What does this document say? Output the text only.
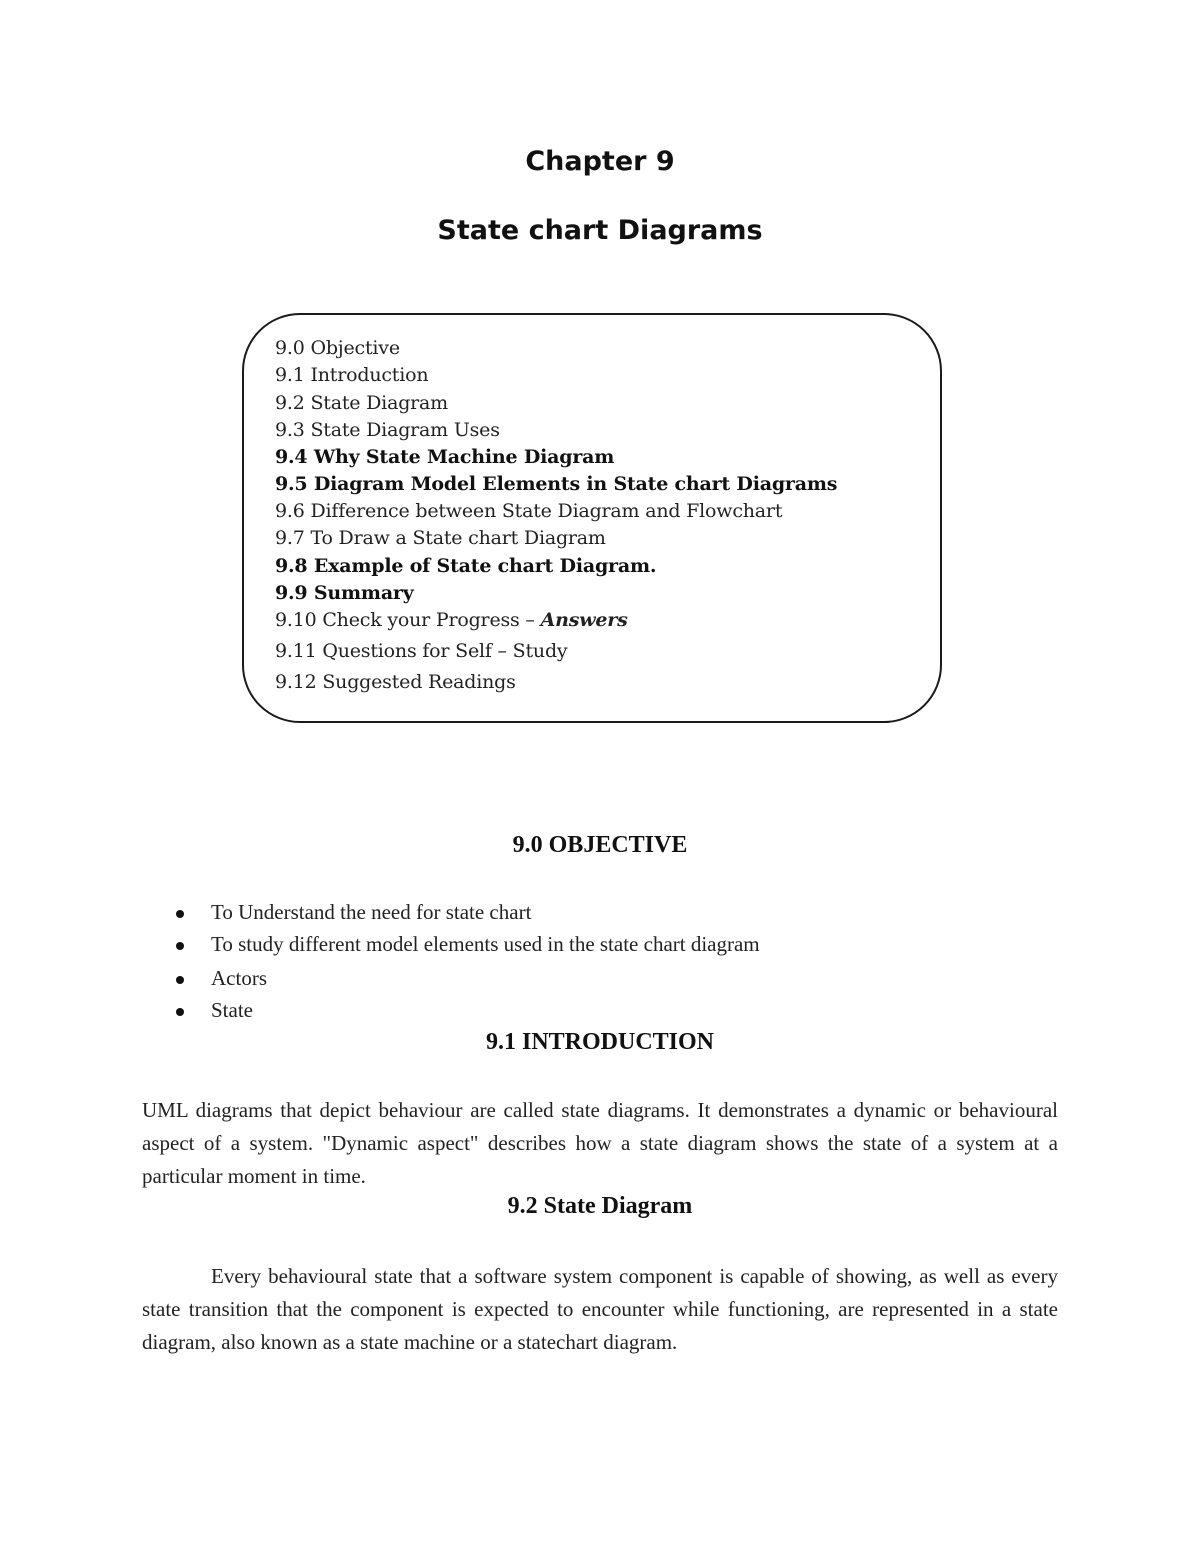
Chapter 9
State chart Diagrams
9.0 Objective
9.1 Introduction
9.2 State Diagram
9.3 State Diagram Uses
9.4 Why State Machine Diagram
9.5 Diagram Model Elements in State chart Diagrams
9.6 Difference between State Diagram and Flowchart
9.7 To Draw a State chart Diagram
9.8 Example of State chart Diagram.
9.9 Summary
9.10 Check your Progress – Answers
9.11 Questions for Self – Study
9.12 Suggested Readings
9.0 OBJECTIVE
To Understand the need for state chart
To study different model elements used in the state chart diagram
Actors
State
9.1 INTRODUCTION

UML diagrams that depict behaviour are called state diagrams. It demonstrates a dynamic or behavioural aspect of a system. "Dynamic aspect" describes how a state diagram shows the state of a system at a particular moment in time.

9.2 State Diagram

Every behavioural state that a software system component is capable of showing, as well as every state transition that the component is expected to encounter while functioning, are represented in a state diagram, also known as a state machine or a statechart diagram.
